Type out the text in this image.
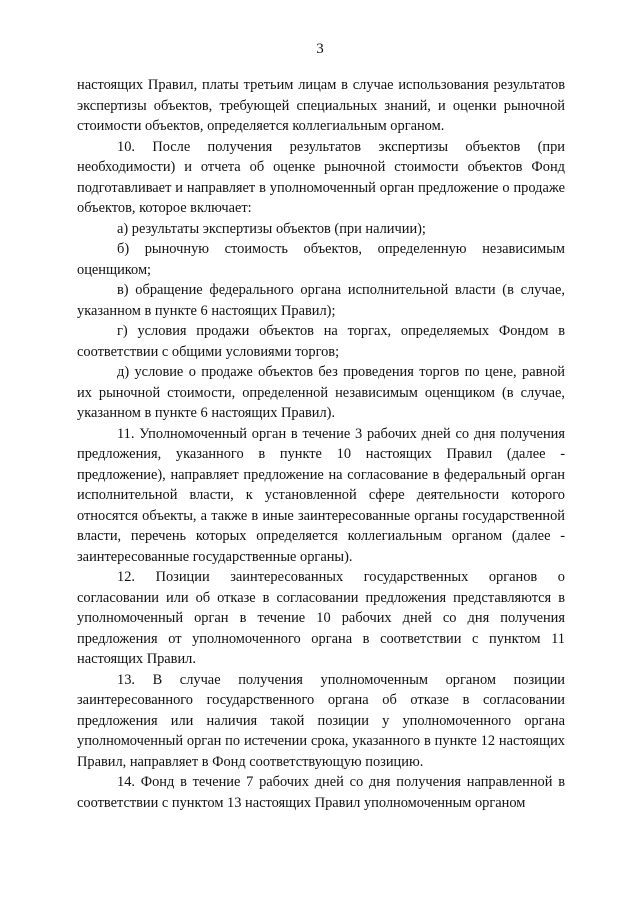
3

настоящих Правил, платы третьим лицам в случае использования результатов экспертизы объектов, требующей специальных знаний, и оценки рыночной стоимости объектов, определяется коллегиальным органом.

10. После получения результатов экспертизы объектов (при необходимости) и отчета об оценке рыночной стоимости объектов Фонд подготавливает и направляет в уполномоченный орган предложение о продаже объектов, которое включает:

а) результаты экспертизы объектов (при наличии);

б) рыночную стоимость объектов, определенную независимым оценщиком;

в) обращение федерального органа исполнительной власти (в случае, указанном в пункте 6 настоящих Правил);

г) условия продажи объектов на торгах, определяемых Фондом в соответствии с общими условиями торгов;

д) условие о продаже объектов без проведения торгов по цене, равной их рыночной стоимости, определенной независимым оценщиком (в случае, указанном в пункте 6 настоящих Правил).

11. Уполномоченный орган в течение 3 рабочих дней со дня получения предложения, указанного в пункте 10 настоящих Правил (далее - предложение), направляет предложение на согласование в федеральный орган исполнительной власти, к установленной сфере деятельности которого относятся объекты, а также в иные заинтересованные органы государственной власти, перечень которых определяется коллегиальным органом (далее - заинтересованные государственные органы).

12. Позиции заинтересованных государственных органов о согласовании или об отказе в согласовании предложения представляются в уполномоченный орган в течение 10 рабочих дней со дня получения предложения от уполномоченного органа в соответствии с пунктом 11 настоящих Правил.

13. В случае получения уполномоченным органом позиции заинтересованного государственного органа об отказе в согласовании предложения или наличия такой позиции у уполномоченного органа уполномоченный орган по истечении срока, указанного в пункте 12 настоящих Правил, направляет в Фонд соответствующую позицию.

14. Фонд в течение 7 рабочих дней со дня получения направленной в соответствии с пунктом 13 настоящих Правил уполномоченным органом
